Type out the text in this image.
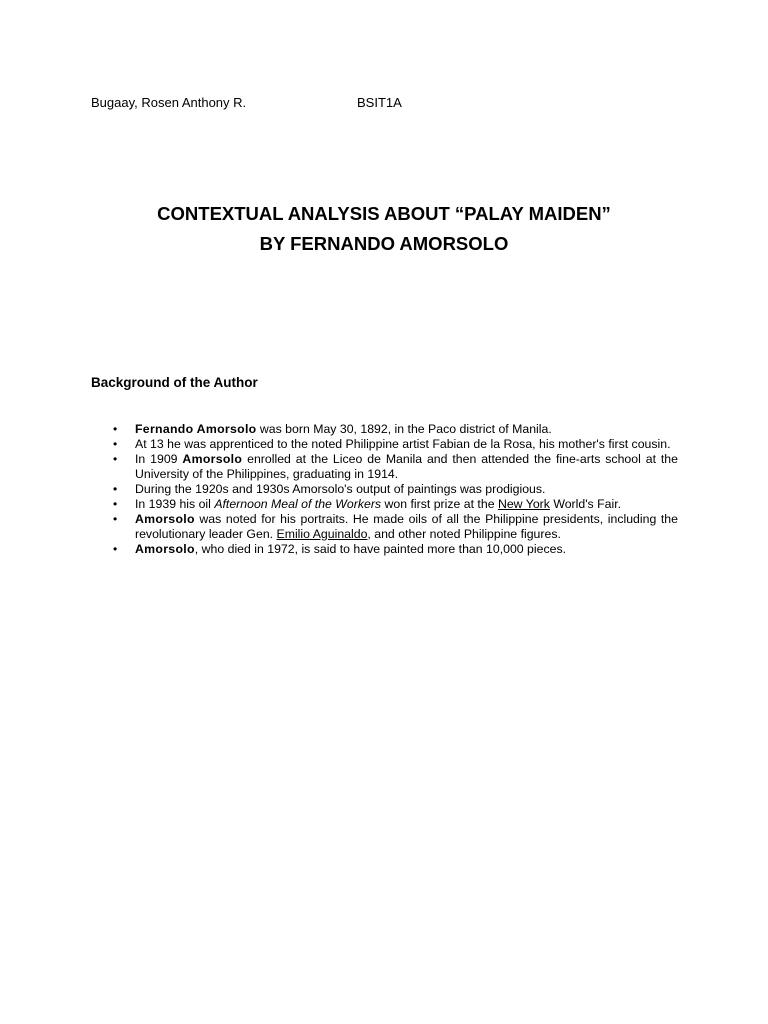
Bugaay, Rosen Anthony R.	BSIT1A
CONTEXTUAL ANALYSIS ABOUT “PALAY MAIDEN”
BY FERNANDO AMORSOLO
Background of the Author
• Fernando Amorsolo was born May 30, 1892, in the Paco district of Manila.
• At 13 he was apprenticed to the noted Philippine artist Fabian de la Rosa, his mother's first cousin.
• In 1909 Amorsolo enrolled at the Liceo de Manila and then attended the fine-arts school at the University of the Philippines, graduating in 1914.
• During the 1920s and 1930s Amorsolo's output of paintings was prodigious.
• In 1939 his oil Afternoon Meal of the Workers won first prize at the New York World's Fair.
• Amorsolo was noted for his portraits. He made oils of all the Philippine presidents, including the revolutionary leader Gen. Emilio Aguinaldo, and other noted Philippine figures.
• Amorsolo, who died in 1972, is said to have painted more than 10,000 pieces.
